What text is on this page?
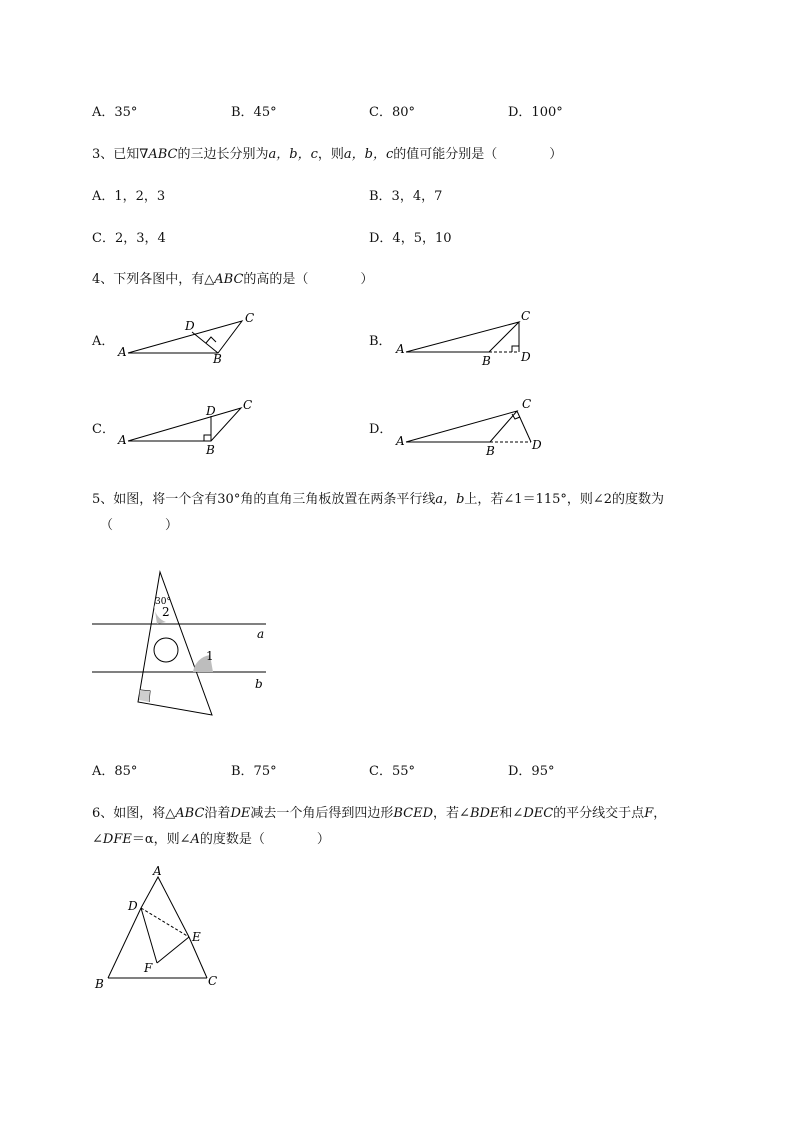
A．35°	B．45°	C．80°	D．100°
3、已知∇ABC的三边长分别为a，b，c，则a，b，c的值可能分别是（　　　　）
A．1，2，3	B．3，4，7
C．2，3，4	D．4，5，10
4、下列各图中，有△ABC的高的是（　　　　）
A．	B．
C．	D．
A
D
C
B
A
C
B	D
A
D C
B
A
C
B	D
5、如图，将一个含有30°角的直角三角板放置在两条平行线a，b上，若∠1＝115°，则∠2的度数为
（　　　　）
30°
2
1
a
b
A．85°	B．75°	C．55°	D．95°
6、如图，将△ABC沿着DE减去一个角后得到四边形BCED，若∠BDE和∠DEC的平分线交于点F，
∠DFE＝α，则∠A的度数是（　　　　）
A
D
E
F
B	C
